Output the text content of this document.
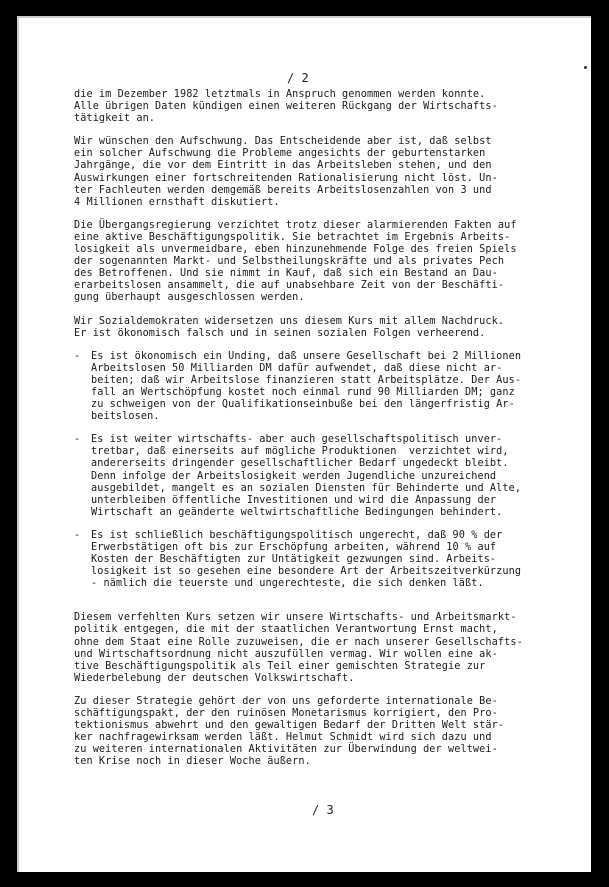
/ 2
/ 3
die im Dezember 1982 letztmals in Anspruch genommen werden konnte.
Alle übrigen Daten kündigen einen weiteren Rückgang der Wirtschafts-
tätigkeit an.
Wir wünschen den Aufschwung. Das Entscheidende aber ist, daß selbst
ein solcher Aufschwung die Probleme angesichts der geburtenstarken
Jahrgänge, die vor dem Eintritt in das Arbeitsleben stehen, und den
Auswirkungen einer fortschreitenden Rationalisierung nicht löst. Un-
ter Fachleuten werden demgemäß bereits Arbeitslosenzahlen von 3 und
4 Millionen ernsthaft diskutiert.
Die Übergangsregierung verzichtet trotz dieser alarmierenden Fakten auf
eine aktive Beschäftigungspolitik. Sie betrachtet im Ergebnis Arbeits-
losigkeit als unvermeidbare, eben hinzunehmende Folge des freien Spiels
der sogenannten Markt- und Selbstheilungskräfte und als privates Pech
des Betroffenen. Und sie nimmt in Kauf, daß sich ein Bestand an Dau-
erarbeitslosen ansammelt, die auf unabsehbare Zeit von der Beschäfti-
gung überhaupt ausgeschlossen werden.
Wir Sozialdemokraten widersetzen uns diesem Kurs mit allem Nachdruck.
Er ist ökonomisch falsch und in seinen sozialen Folgen verheerend.
- Es ist ökonomisch ein Unding, daß unsere Gesellschaft bei 2 Millionen
Arbeitslosen 50 Milliarden DM dafür aufwendet, daß diese nicht ar-
beiten; daß wir Arbeitslose finanzieren statt Arbeitsplätze. Der Aus-
fall an Wertschöpfung kostet noch einmal rund 90 Milliarden DM; ganz
zu schweigen von der Qualifikationseinbuße bei den längerfristig Ar-
beitslosen.
- Es ist weiter wirtschafts- aber auch gesellschaftspolitisch unver-
tretbar, daß einerseits auf mögliche Produktionen  verzichtet wird,
andererseits dringender gesellschaftlicher Bedarf ungedeckt bleibt.
Denn infolge der Arbeitslosigkeit werden Jugendliche unzureichend
ausgebildet, mangelt es an sozialen Diensten für Behinderte und Alte,
unterbleiben öffentliche Investitionen und wird die Anpassung der
Wirtschaft an geänderte weltwirtschaftliche Bedingungen behindert.
- Es ist schließlich beschäftigungspolitisch ungerecht, daß 90 % der
Erwerbstätigen oft bis zur Erschöpfung arbeiten, während 10 % auf
Kosten der Beschäftigten zur Untätigkeit gezwungen sind. Arbeits-
losigkeit ist so gesehen eine besondere Art der Arbeitszeitverkürzung
- nämlich die teuerste und ungerechteste, die sich denken läßt.
Diesem verfehlten Kurs setzen wir unsere Wirtschafts- und Arbeitsmarkt-
politik entgegen, die mit der staatlichen Verantwortung Ernst macht,
ohne dem Staat eine Rolle zuzuweisen, die er nach unserer Gesellschafts-
und Wirtschaftsordnung nicht auszufüllen vermag. Wir wollen eine ak-
tive Beschäftigungspolitik als Teil einer gemischten Strategie zur
Wiederbelebung der deutschen Volkswirtschaft.
Zu dieser Strategie gehört der von uns geforderte internationale Be-
schäftigungspakt, der den ruinösen Monetarismus korrigiert, den Pro-
tektionismus abwehrt und den gewaltigen Bedarf der Dritten Welt stär-
ker nachfragewirksam werden läßt. Helmut Schmidt wird sich dazu und
zu weiteren internationalen Aktivitäten zur Überwindung der weltwei-
ten Krise noch in dieser Woche äußern.
